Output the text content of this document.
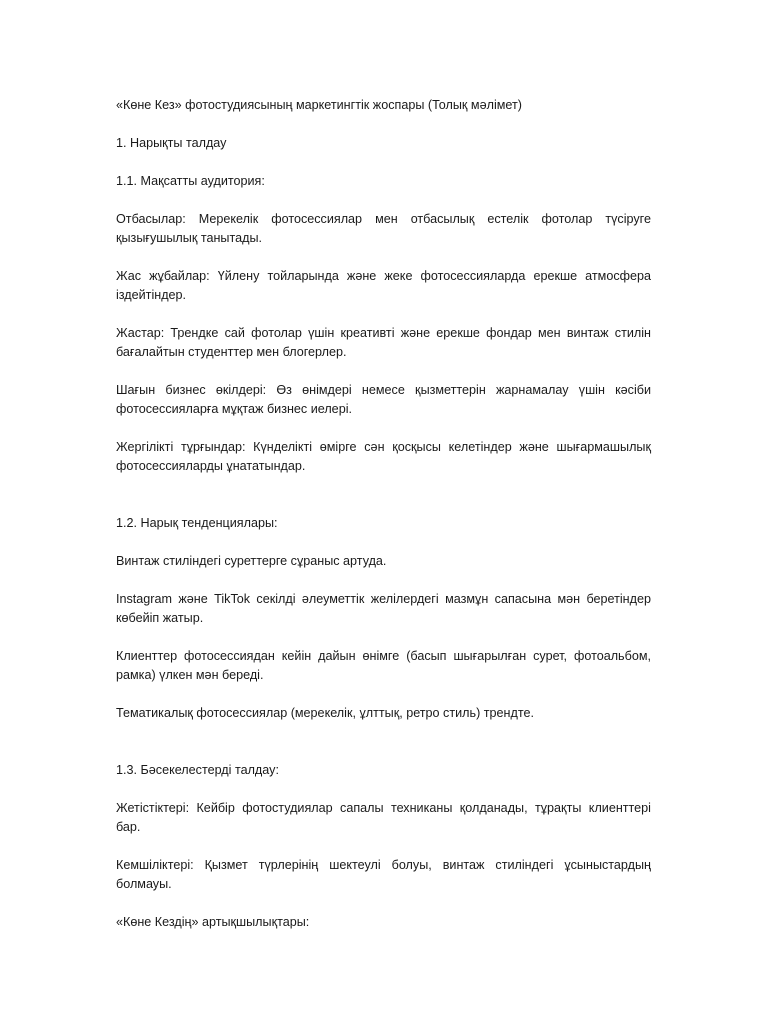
«Көне Кез» фотостудиясының маркетингтік жоспары (Толық мәлімет)

1. Нарықты талдау

1.1. Мақсатты аудитория:

Отбасылар: Мерекелік фотосессиялар мен отбасылық естелік фотолар түсіруге қызығушылық танытады.

Жас жұбайлар: Үйлену тойларында және жеке фотосессияларда ерекше атмосфера іздейтіндер.

Жастар: Трендке сай фотолар үшін креативті және ерекше фондар мен винтаж стилін бағалайтын студенттер мен блогерлер.

Шағын бизнес өкілдері: Өз өнімдері немесе қызметтерін жарнамалау үшін кәсіби фотосессияларға мұқтаж бизнес иелері.

Жергілікті тұрғындар: Күнделікті өмірге сән қосқысы келетіндер және шығармашылық фотосессияларды ұнататындар.

1.2. Нарық тенденциялары:

Винтаж стиліндегі суреттерге сұраныс артуда.

Instagram және TikTok секілді әлеуметтік желілердегі мазмұн сапасына мән беретіндер көбейіп жатыр.

Клиенттер фотосессиядан кейін дайын өнімге (басып шығарылған сурет, фотоальбом, рамка) үлкен мән береді.

Тематикалық фотосессиялар (мерекелік, ұлттық, ретро стиль) трендте.

1.3. Бәсекелестерді талдау:

Жетістіктері: Кейбір фотостудиялар сапалы техниканы қолданады, тұрақты клиенттері бар.

Кемшіліктері: Қызмет түрлерінің шектеулі болуы, винтаж стиліндегі ұсыныстардың болмауы.

«Көне Кездің» артықшылықтары:
